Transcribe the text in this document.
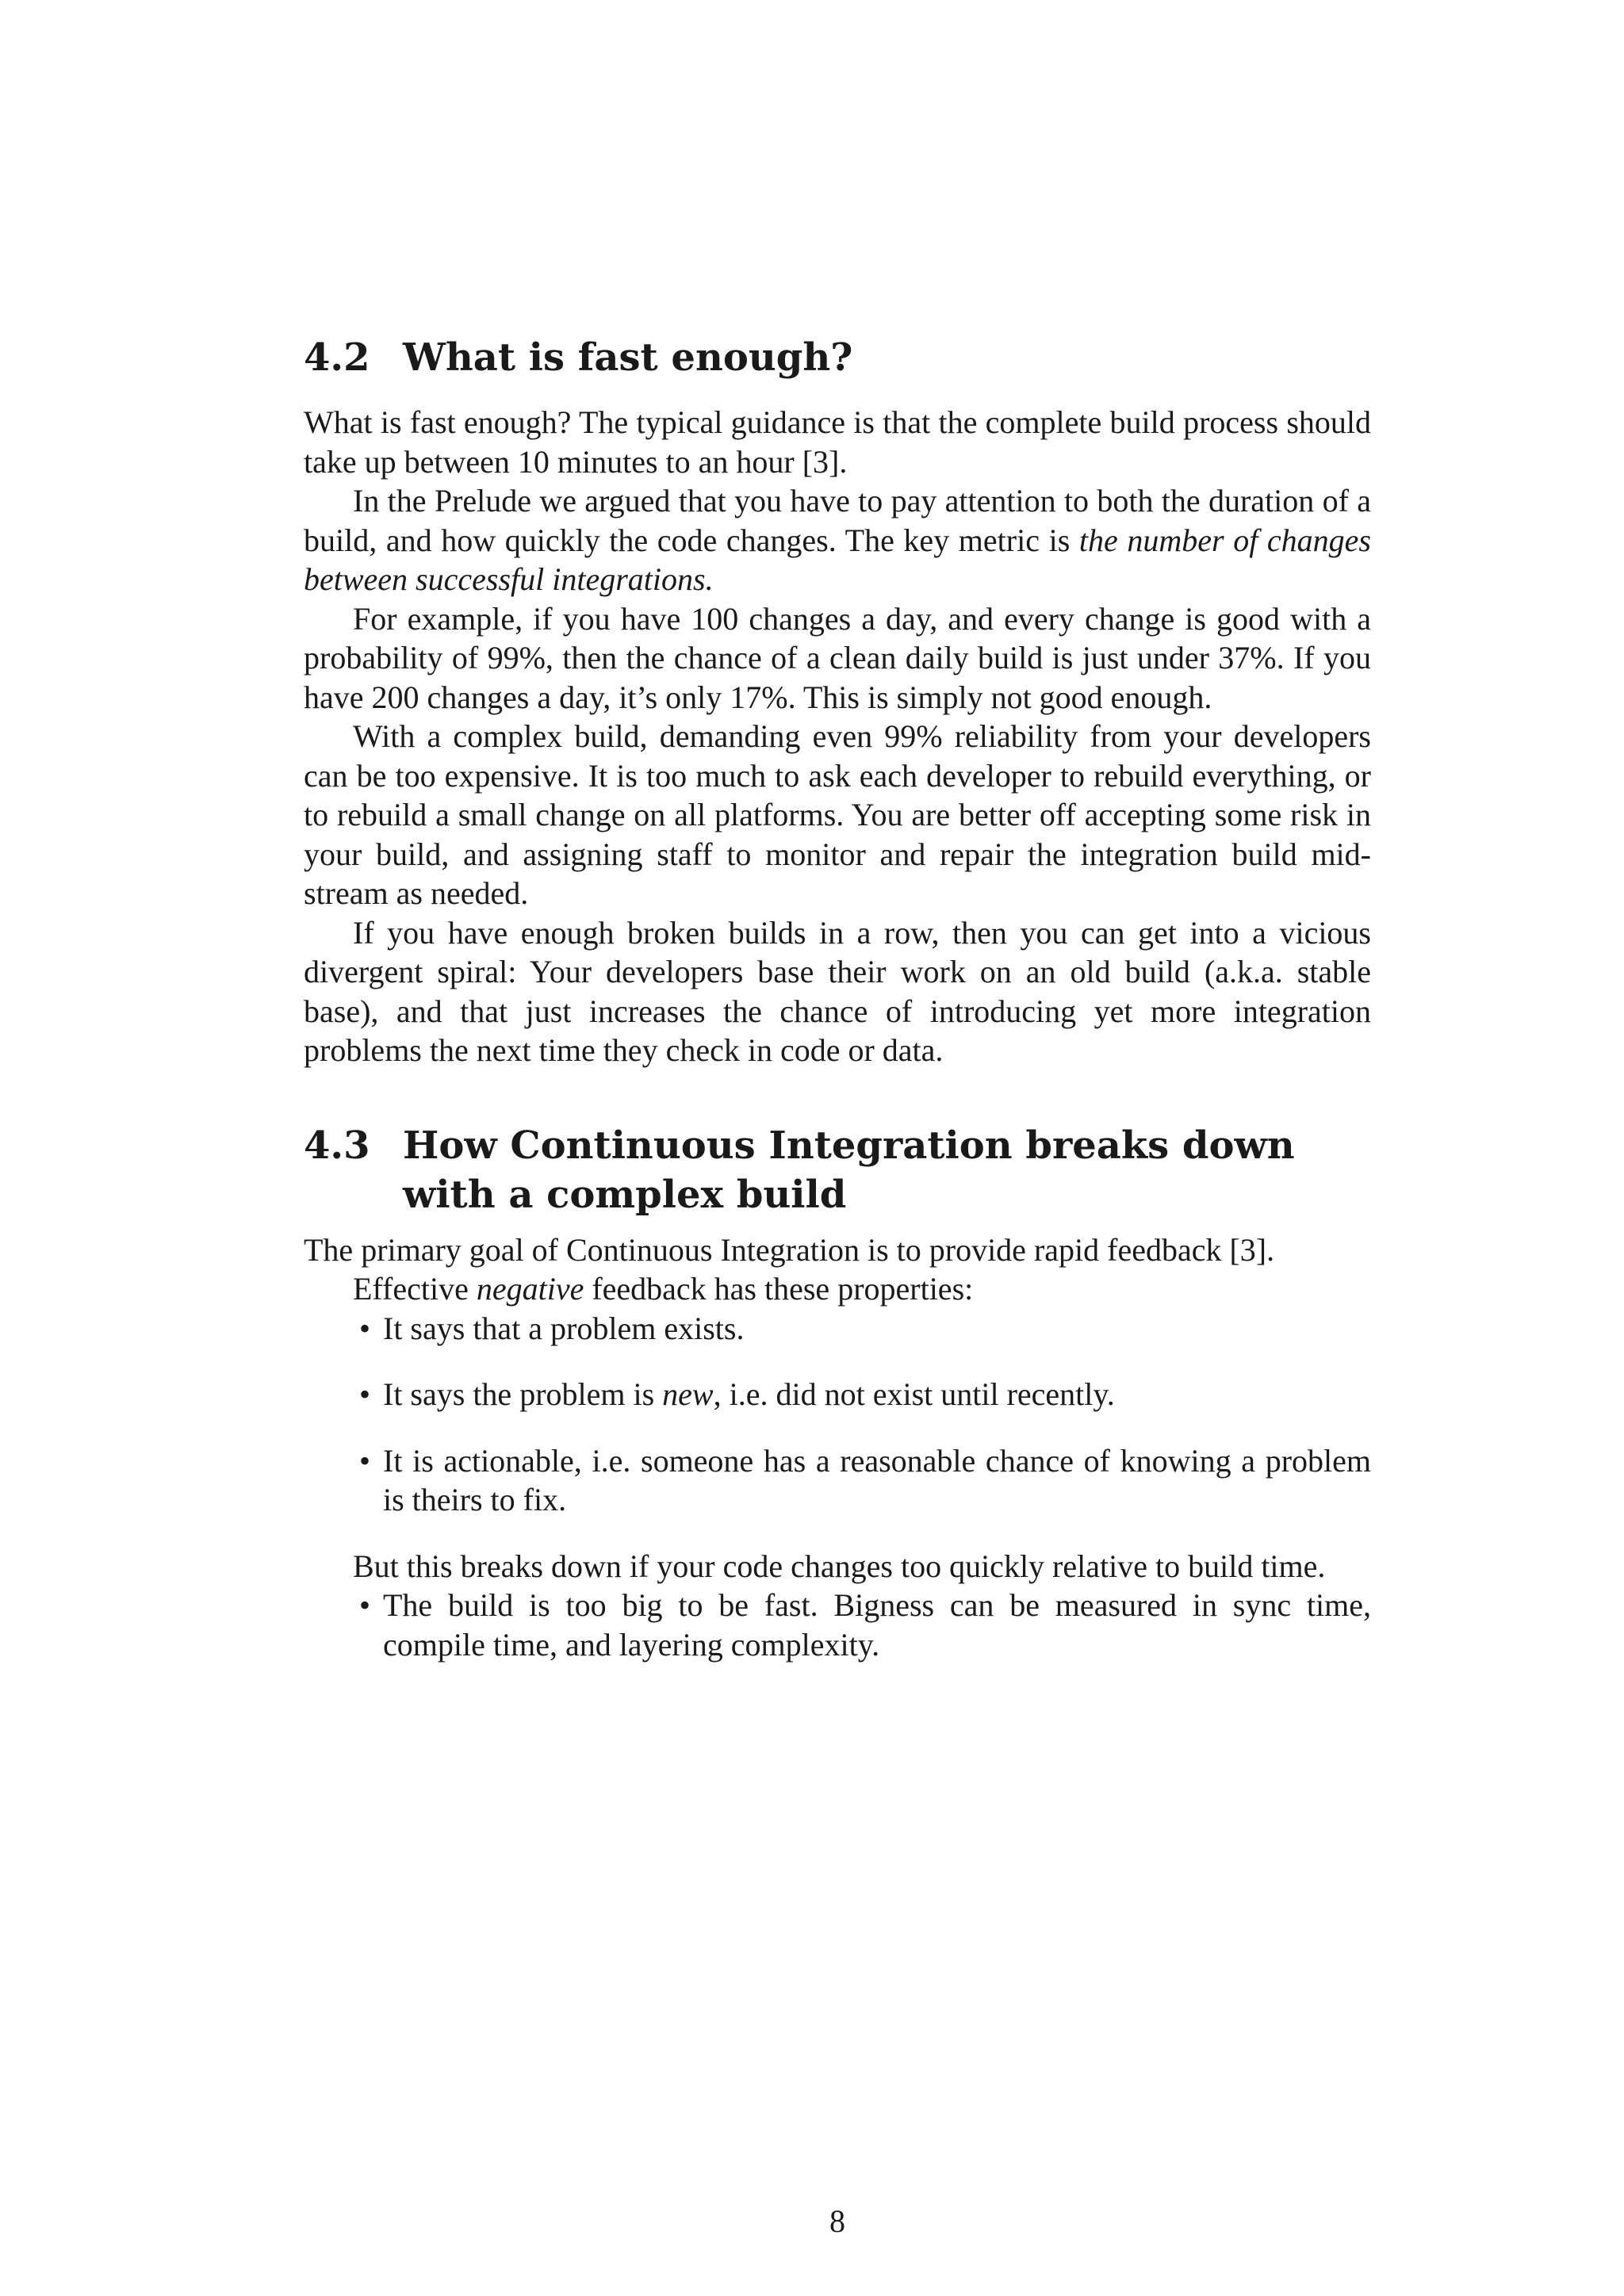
4.2 What is fast enough?

What is fast enough? The typical guidance is that the complete build process should take up between 10 minutes to an hour [3].

In the Prelude we argued that you have to pay attention to both the duration of a build, and how quickly the code changes. The key metric is the number of changes between successful integrations.

For example, if you have 100 changes a day, and every change is good with a probability of 99%, then the chance of a clean daily build is just under 37%. If you have 200 changes a day, it’s only 17%. This is simply not good enough.

With a complex build, demanding even 99% reliability from your developers can be too expensive. It is too much to ask each developer to rebuild everything, or to rebuild a small change on all platforms. You are better off accepting some risk in your build, and assigning staff to monitor and repair the integration build mid-stream as needed.

If you have enough broken builds in a row, then you can get into a vicious divergent spiral: Your developers base their work on an old build (a.k.a. stable base), and that just increases the chance of introducing yet more integration problems the next time they check in code or data.

4.3 How Continuous Integration breaks down with a complex build

The primary goal of Continuous Integration is to provide rapid feedback [3].

Effective negative feedback has these properties:

• It says that a problem exists.
• It says the problem is new, i.e. did not exist until recently.
• It is actionable, i.e. someone has a reasonable chance of knowing a problem is theirs to fix.

But this breaks down if your code changes too quickly relative to build time.

• The build is too big to be fast. Bigness can be measured in sync time, compile time, and layering complexity.
8
